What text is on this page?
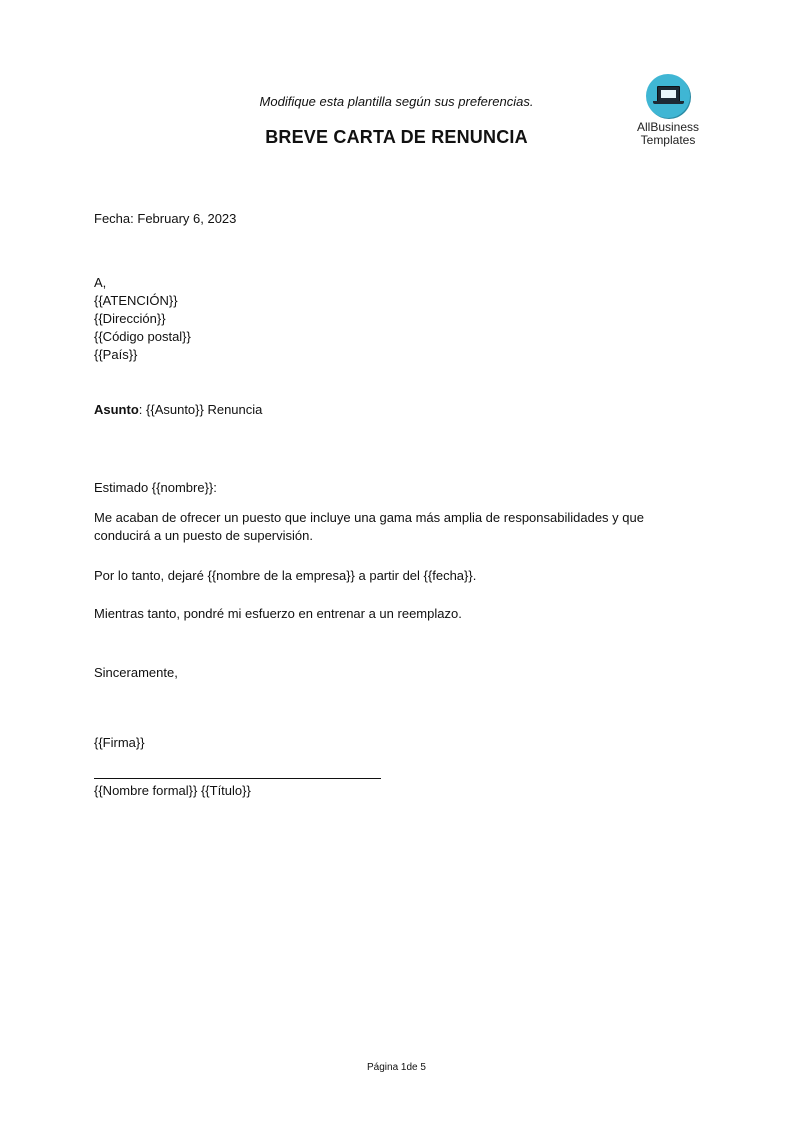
Modifique esta plantilla según sus preferencias.
BREVE CARTA DE RENUNCIA	AllBusiness
Templates
Fecha: February 6, 2023
A,
{{ATENCIÓN}}
{{Dirección}}
{{Código postal}}
{{País}}
Asunto: {{Asunto}} Renuncia
Estimado {{nombre}}:
Me acaban de ofrecer un puesto que incluye una gama más amplia de responsabilidades y que
conducirá a un puesto de supervisión.
Por lo tanto, dejaré {{nombre de la empresa}} a partir del {{fecha}}.
Mientras tanto, pondré mi esfuerzo en entrenar a un reemplazo.
Sinceramente,
{{Firma}}
{{Nombre formal}} {{Título}}
Página 1de 5
